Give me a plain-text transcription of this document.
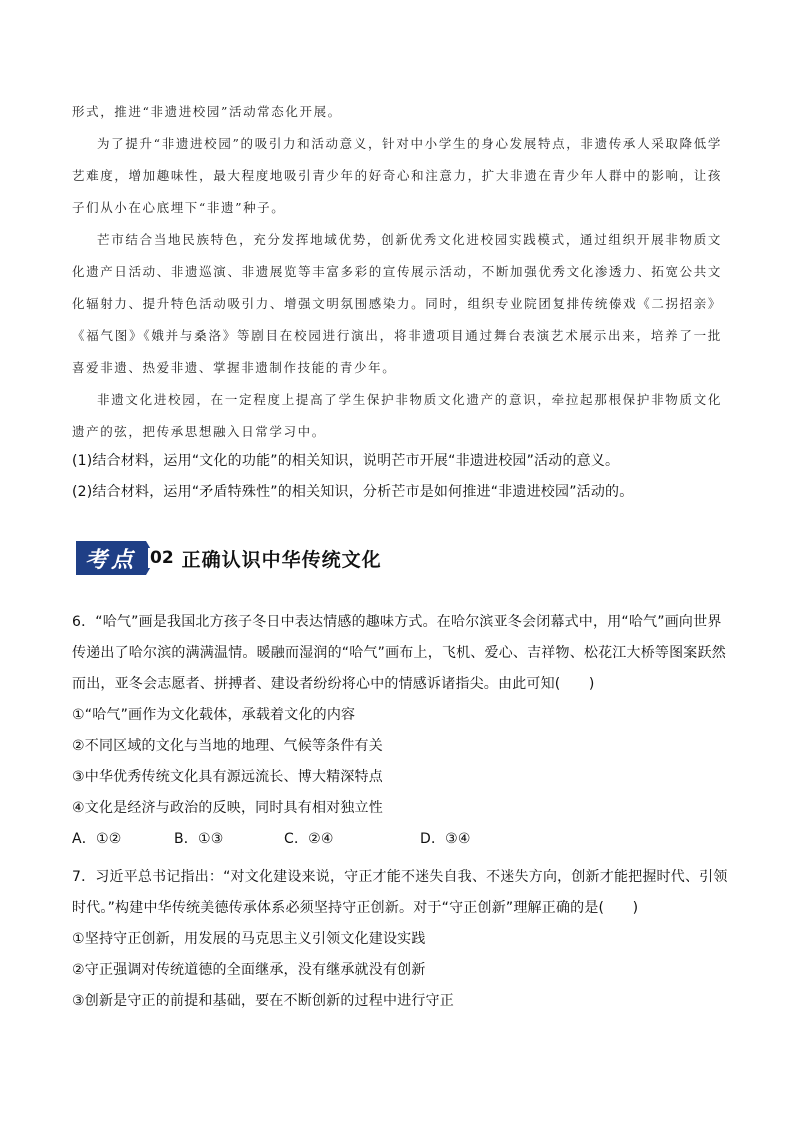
形式，推进“非遗进校园”活动常态化开展。

为了提升“非遗进校园”的吸引力和活动意义，针对中小学生的身心发展特点，非遗传承人采取降低学艺难度，增加趣味性，最大程度地吸引青少年的好奇心和注意力，扩大非遗在青少年人群中的影响，让孩子们从小在心底埋下“非遗”种子。

芒市结合当地民族特色，充分发挥地域优势，创新优秀文化进校园实践模式，通过组织开展非物质文化遗产日活动、非遗巡演、非遗展览等丰富多彩的宣传展示活动，不断加强优秀文化渗透力、拓宽公共文化辐射力、提升特色活动吸引力、增强文明氛围感染力。同时，组织专业院团复排传统傣戏《二拐招亲》《福气图》《娥并与桑洛》等剧目在校园进行演出，将非遗项目通过舞台表演艺术展示出来，培养了一批喜爱非遗、热爱非遗、掌握非遗制作技能的青少年。

非遗文化进校园，在一定程度上提高了学生保护非物质文化遗产的意识，牵拉起那根保护非物质文化遗产的弦，把传承思想融入日常学习中。

(1)结合材料，运用“文化的功能”的相关知识，说明芒市开展“非遗进校园”活动的意义。

(2)结合材料，运用“矛盾特殊性”的相关知识，分析芒市是如何推进“非遗进校园”活动的。

考点 02 正确认识中华传统文化

6．“哈气”画是我国北方孩子冬日中表达情感的趣味方式。在哈尔滨亚冬会闭幕式中，用“哈气”画向世界传递出了哈尔滨的满满温情。暖融而湿润的“哈气”画布上，飞机、爱心、吉祥物、松花江大桥等图案跃然而出，亚冬会志愿者、拼搏者、建设者纷纷将心中的情感诉诸指尖。由此可知(　　)

①“哈气”画作为文化载体，承载着文化的内容

②不同区域的文化与当地的地理、气候等条件有关

③中华优秀传统文化具有源远流长、博大精深特点

④文化是经济与政治的反映，同时具有相对独立性

A．①②	B．①③	C．②④	D．③④

7．习近平总书记指出：“对文化建设来说，守正才能不迷失自我、不迷失方向，创新才能把握时代、引领时代。”构建中华传统美德传承体系必须坚持守正创新。对于“守正创新”理解正确的是(　　)

①坚持守正创新，用发展的马克思主义引领文化建设实践

②守正强调对传统道德的全面继承，没有继承就没有创新

③创新是守正的前提和基础，要在不断创新的过程中进行守正
